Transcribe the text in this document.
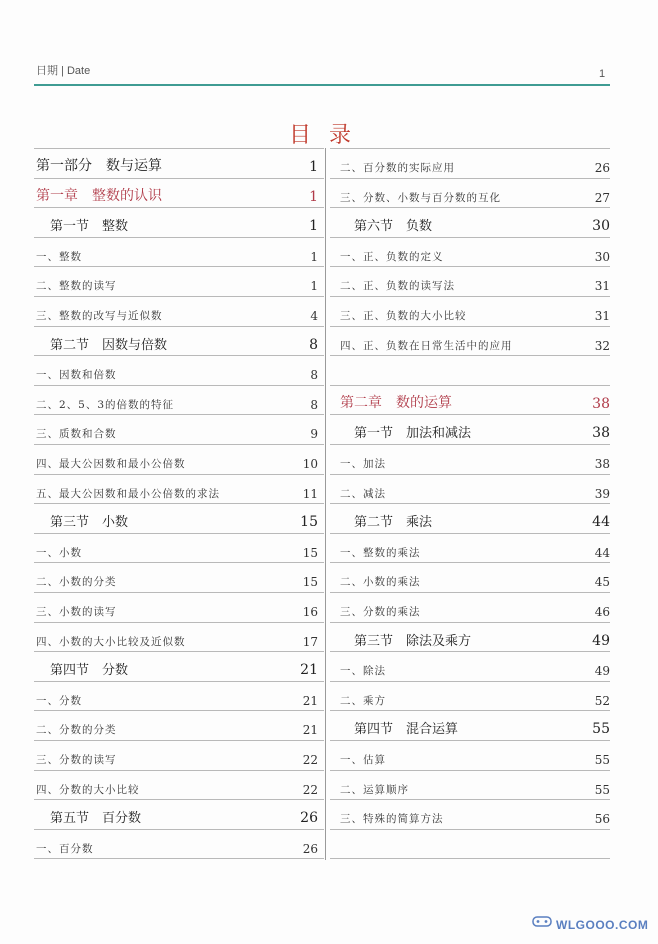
日期 | Date	1
目录
第一部分　数与运算	1
第一章　整数的认识	1
第一节　整数	1
一、整数	1
二、整数的读写	1
三、整数的改写与近似数	4
第二节　因数与倍数	8
一、因数和倍数	8
二、2、5、3的倍数的特征	8
三、质数和合数	9
四、最大公因数和最小公倍数	10
五、最大公因数和最小公倍数的求法	11
第三节　小数	15
一、小数	15
二、小数的分类	15
三、小数的读写	16
四、小数的大小比较及近似数	17
第四节　分数	21
一、分数	21
二、分数的分类	21
三、分数的读写	22
四、分数的大小比较	22
第五节　百分数	26
一、百分数	26
二、百分数的实际应用	26
三、分数、小数与百分数的互化	27
第六节　负数	30
一、正、负数的定义	30
二、正、负数的读写法	31
三、正、负数的大小比较	31
四、正、负数在日常生活中的应用	32
第二章　数的运算	38
第一节　加法和减法	38
一、加法	38
二、减法	39
第二节　乘法	44
一、整数的乘法	44
二、小数的乘法	45
三、分数的乘法	46
第三节　除法及乘方	49
一、除法	49
二、乘方	52
第四节　混合运算	55
一、估算	55
二、运算顺序	55
三、特殊的简算方法	56
WLGOOO.COM
